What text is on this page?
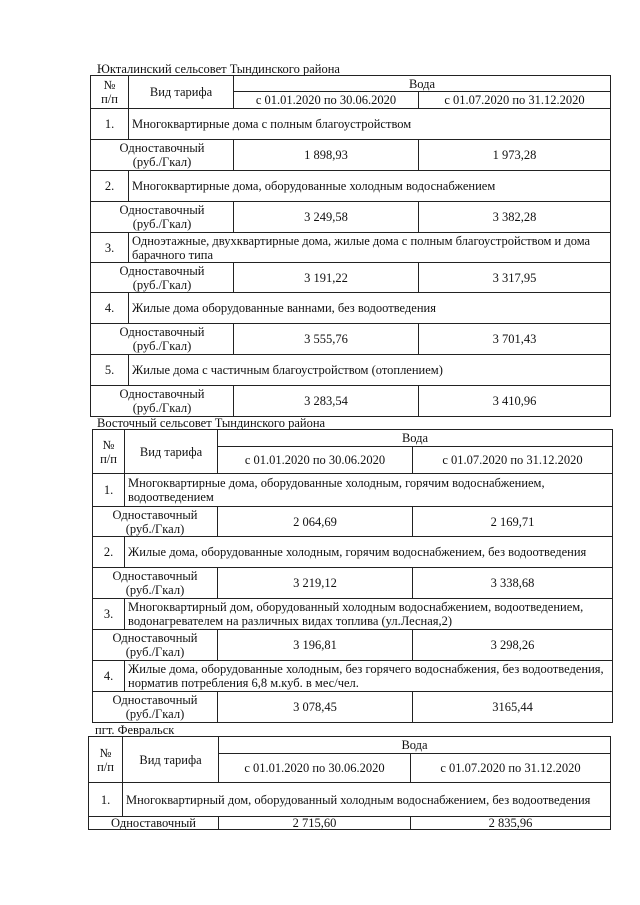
Юкталинский сельсовет Тындинского района
№
п/п	Вид тарифа	Вода	
		с 01.01.2020 по 30.06.2020	с 01.07.2020 по 31.12.2020
1.	Многоквартирные дома с полным благоустройством		
Одноставочный
(руб./Гкал)		1 898,93	1 973,28
2.	Многоквартирные дома, оборудованные холодным водоснабжением		
Одноставочный
(руб./Гкал)		3 249,58	3 382,28
3.	Одноэтажные, двухквартирные дома, жилые дома с полным благоустройством и дома барачного типа		
Одноставочный
(руб./Гкал)		3 191,22	3 317,95
4.	Жилые дома оборудованные ваннами, без водоотведения		
Одноставочный
(руб./Гкал)		3 555,76	3 701,43
5.	Жилые дома с частичным благоустройством (отоплением)		
Одноставочный
(руб./Гкал)		3 283,54	3 410,96
Восточный сельсовет Тындинского района
№
п/п	Вид тарифа	Вода	
		с 01.01.2020 по 30.06.2020	с 01.07.2020 по 31.12.2020
1.	Многоквартирные дома, оборудованные холодным, горячим водоснабжением, водоотведением		
Одноставочный
(руб./Гкал)		2 064,69	2 169,71
2.	Жилые дома, оборудованные холодным, горячим водоснабжением, без водоотведения		
Одноставочный
(руб./Гкал)		3 219,12	3 338,68
3.	Многоквартирный дом, оборудованный холодным водоснабжением, водоотведением, водонагревателем на различных видах топлива (ул.Лесная,2)		
Одноставочный
(руб./Гкал)		3 196,81	3 298,26
4.	Жилые дома, оборудованные холодным, без горячего водоснабжения, без водоотведения, норматив потребления 6,8 м.куб. в мес/чел.		
Одноставочный
(руб./Гкал)		3 078,45	3165,44
пгт. Февральск
№
п/п	Вид тарифа	Вода	
		с 01.01.2020 по 30.06.2020	с 01.07.2020 по 31.12.2020
1.	Многоквартирный дом, оборудованный холодным водоснабжением, без водоотведения		
Одноставочный		2 715,60	2 835,96
